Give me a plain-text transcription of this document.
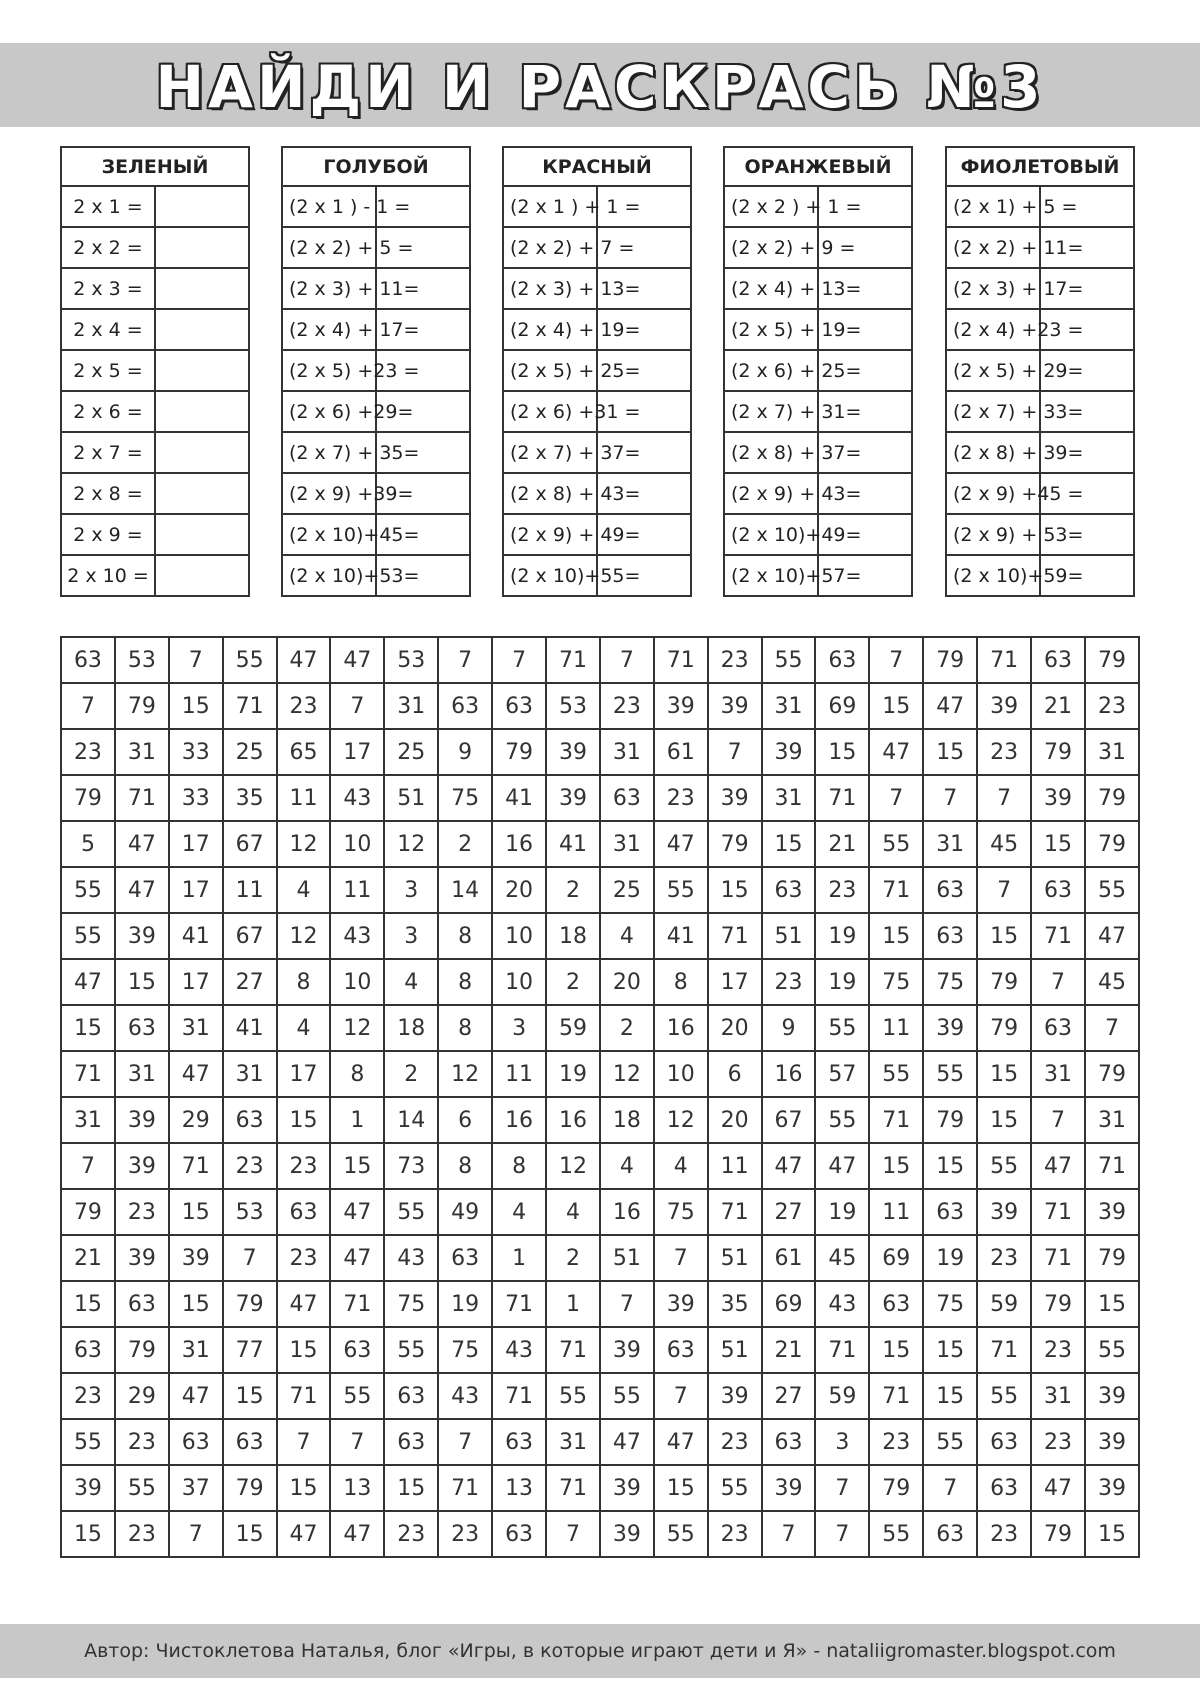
НАЙДИ И РАСКРАСЬ №3
ЗЕЛЕНЫЙ	
2 x 1 =	
2 x 2 =	
2 x 3 =	
2 x 4 =	
2 x 5 =	
2 x 6 =	
2 x 7 =	
2 x 8 =	
2 x 9 =	
2 x 10 =	
ГОЛУБОЙ	
(2 x 1 ) - 1 =	
(2 x 2) + 5 =	
(2 x 3) + 11=	
(2 x 4) + 17=	
(2 x 5) +23 =	
(2 x 6) +29=	
(2 x 7) + 35=	
(2 x 9) +39=	
(2 x 10)+45=	
(2 x 10)+53=	
КРАСНЫЙ	
(2 x 1 ) + 1 =	
(2 x 2) + 7 =	
(2 x 3) + 13=	
(2 x 4) + 19=	
(2 x 5) + 25=	
(2 x 6) +31 =	
(2 x 7) + 37=	
(2 x 8) + 43=	
(2 x 9) + 49=	
(2 x 10)+55=	
ОРАНЖЕВЫЙ	
(2 x 2 ) + 1 =	
(2 x 2) + 9 =	
(2 x 4) + 13=	
(2 x 5) + 19=	
(2 x 6) + 25=	
(2 x 7) + 31=	
(2 x 8) + 37=	
(2 x 9) + 43=	
(2 x 10)+49=	
(2 x 10)+57=	
ФИОЛЕТОВЫЙ	
(2 x 1) + 5 =	
(2 x 2) + 11=	
(2 x 3) + 17=	
(2 x 4) +23 =	
(2 x 5) + 29=	
(2 x 7) + 33=	
(2 x 8) + 39=	
(2 x 9) +45 =	
(2 x 9) + 53=	
(2 x 10)+59=	
63	53	7	55	47	47	53	7	7	71	7	71	23	55	63	7	79	71	63	79
7	79	15	71	23	7	31	63	63	53	23	39	39	31	69	15	47	39	21	23
23	31	33	25	65	17	25	9	79	39	31	61	7	39	15	47	15	23	79	31
79	71	33	35	11	43	51	75	41	39	63	23	39	31	71	7	7	7	39	79
5	47	17	67	12	10	12	2	16	41	31	47	79	15	21	55	31	45	15	79
55	47	17	11	4	11	3	14	20	2	25	55	15	63	23	71	63	7	63	55
55	39	41	67	12	43	3	8	10	18	4	41	71	51	19	15	63	15	71	47
47	15	17	27	8	10	4	8	10	2	20	8	17	23	19	75	75	79	7	45
15	63	31	41	4	12	18	8	3	59	2	16	20	9	55	11	39	79	63	7
71	31	47	31	17	8	2	12	11	19	12	10	6	16	57	55	55	15	31	79
31	39	29	63	15	1	14	6	16	16	18	12	20	67	55	71	79	15	7	31
7	39	71	23	23	15	73	8	8	12	4	4	11	47	47	15	15	55	47	71
79	23	15	53	63	47	55	49	4	4	16	75	71	27	19	11	63	39	71	39
21	39	39	7	23	47	43	63	1	2	51	7	51	61	45	69	19	23	71	79
15	63	15	79	47	71	75	19	71	1	7	39	35	69	43	63	75	59	79	15
63	79	31	77	15	63	55	75	43	71	39	63	51	21	71	15	15	71	23	55
23	29	47	15	71	55	63	43	71	55	55	7	39	27	59	71	15	55	31	39
55	23	63	63	7	7	63	7	63	31	47	47	23	63	3	23	55	63	23	39
39	55	37	79	15	13	15	71	13	71	39	15	55	39	7	79	7	63	47	39
15	23	7	15	47	47	23	23	63	7	39	55	23	7	7	55	63	23	79	15
Автор: Чистоклетова Наталья, блог «Игры, в которые играют дети и Я» - nataliigromaster.blogspot.com
